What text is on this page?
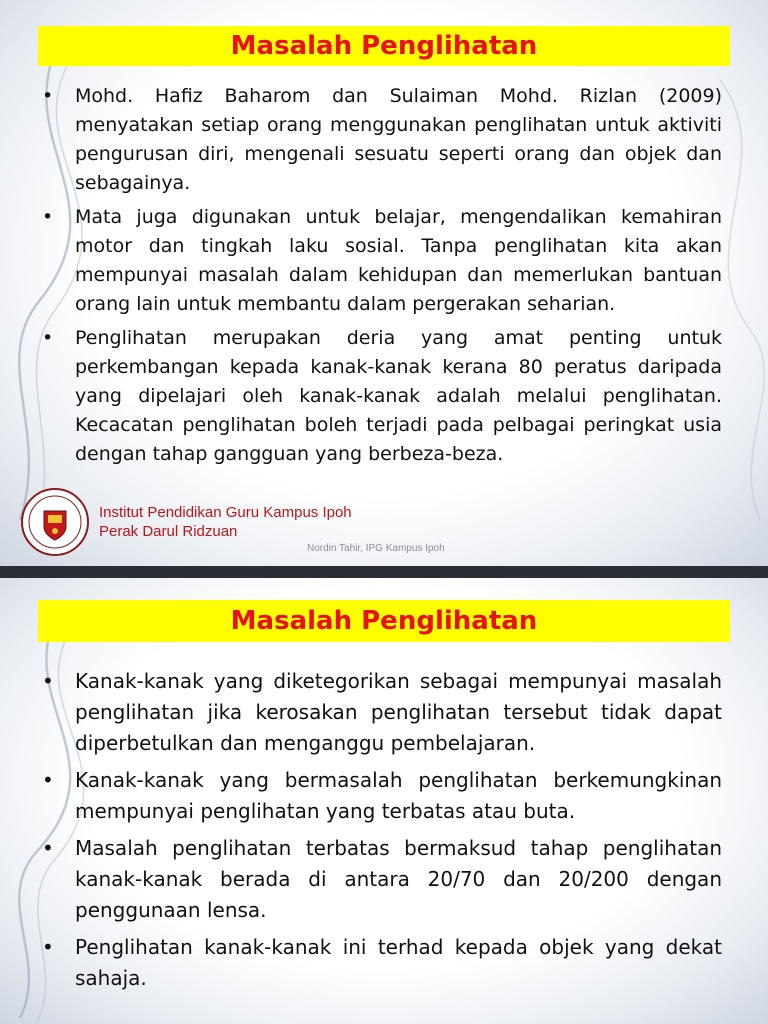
Masalah Penglihatan
• Mohd. Hafiz Baharom dan Sulaiman Mohd. Rizlan (2009) menyatakan setiap orang menggunakan penglihatan untuk aktiviti pengurusan diri, mengenali sesuatu seperti orang dan objek dan sebagainya.
• Mata juga digunakan untuk belajar, mengendalikan kemahiran motor dan tingkah laku sosial. Tanpa penglihatan kita akan mempunyai masalah dalam kehidupan dan memerlukan bantuan orang lain untuk membantu dalam pergerakan seharian.
• Penglihatan merupakan deria yang amat penting untuk perkembangan kepada kanak-kanak kerana 80 peratus daripada yang dipelajari oleh kanak-kanak adalah melalui penglihatan. Kecacatan penglihatan boleh terjadi pada pelbagai peringkat usia dengan tahap gangguan yang berbeza-beza.
Institut Pendidikan Guru Kampus Ipoh
Perak Darul Ridzuan
Nordin Tahir, IPG Kampus Ipoh
Masalah Penglihatan
• Kanak-kanak yang diketegorikan sebagai mempunyai masalah penglihatan jika kerosakan penglihatan tersebut tidak dapat diperbetulkan dan menganggu pembelajaran.
• Kanak-kanak yang bermasalah penglihatan berkemungkinan mempunyai penglihatan yang terbatas atau buta.
• Masalah penglihatan terbatas bermaksud tahap penglihatan kanak-kanak berada di antara 20/70 dan 20/200 dengan penggunaan lensa.
• Penglihatan kanak-kanak ini terhad kepada objek yang dekat sahaja.
